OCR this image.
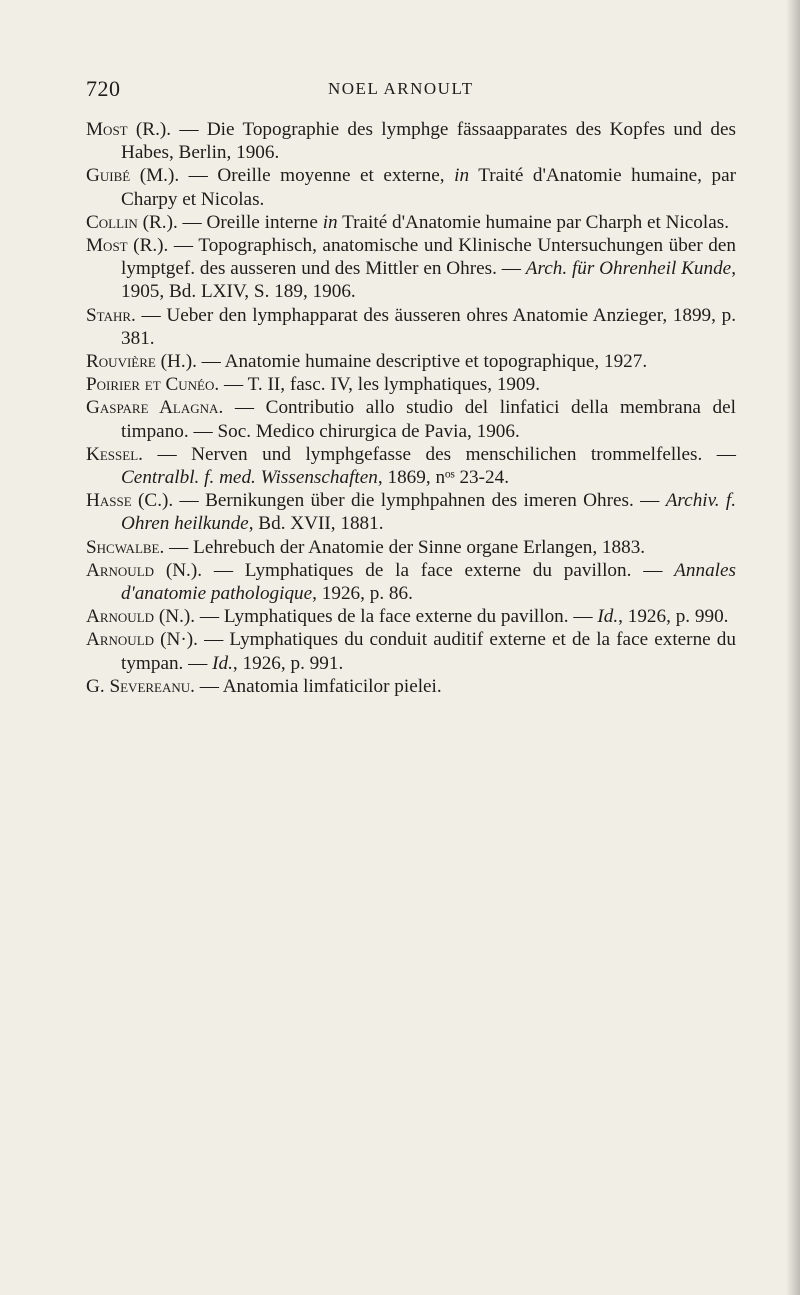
720	NOEL ARNOULT

Most (R.). — Die Topographie des lymphge fässaapparates des Kopfes und des Habes, Berlin, 1906.

Guibé (M.). — Oreille moyenne et externe, in Traité d'Anatomie humaine, par Charpy et Nicolas.

Collin (R.). — Oreille interne in Traité d'Anatomie humaine par Charph et Nicolas.

Most (R.). — Topographisch, anatomische und Klinische Untersuchungen über den lymptgef. des ausseren und des Mittler en Ohres. — Arch. für Ohrenheil Kunde, 1905, Bd. LXIV, S. 189, 1906.

Stahr. — Ueber den lymphapparat des äusseren ohres Anatomie Anzieger, 1899, p. 381.

Rouvière (H.). — Anatomie humaine descriptive et topographique, 1927.

Poirier et Cunéo. — T. II, fasc. IV, les lymphatiques, 1909.

Gaspare Alagna. — Contributio allo studio del linfatici della membrana del timpano. — Soc. Medico chirurgica de Pavia, 1906.

Kessel. — Nerven und lymphgefasse des menschilichen trommelfelles. — Centralbl. f. med. Wissenschaften, 1869, nᵒˢ 23-24.

Hasse (C.). — Bernikungen über die lymphpahnen des imeren Ohres. — Archiv. f. Ohren heilkunde, Bd. XVII, 1881.

Shcwalbe. — Lehrebuch der Anatomie der Sinne organe Erlangen, 1883.

Arnould (N.). — Lymphatiques de la face externe du pavillon. — Annales d'anatomie pathologique, 1926, p. 86.

Arnould (N.). — Lymphatiques de la face externe du pavillon. — Id., 1926, p. 990.

Arnould (N·). — Lymphatiques du conduit auditif externe et de la face externe du tympan. — Id., 1926, p. 991.

G. Severeanu. — Anatomia limfaticilor pielei.
